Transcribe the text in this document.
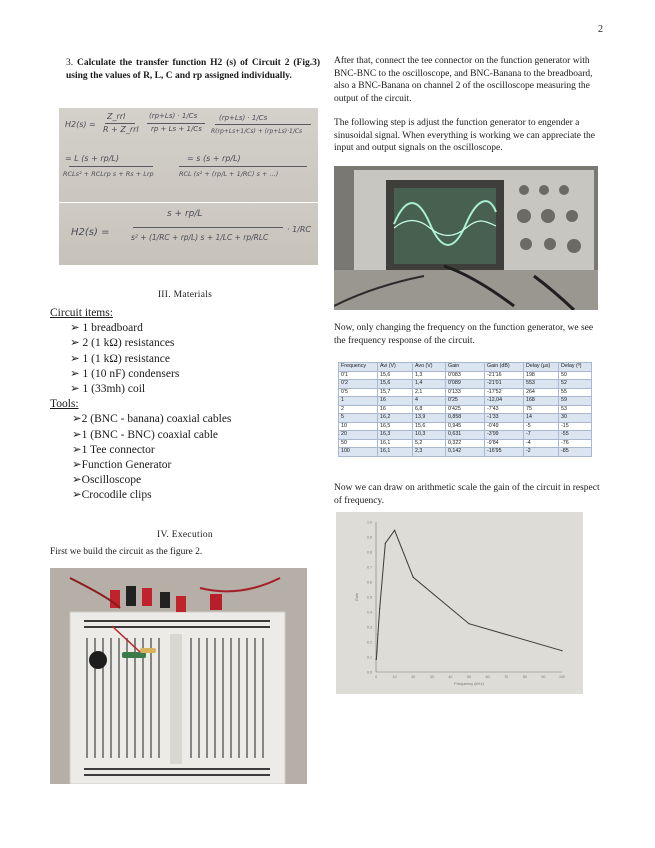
2
3. Calculate the transfer function H2 (s) of Circuit 2 (Fig.3) using the values of R, L, C and rp assigned individually.
H2(s) =
Z_rrl
R + Z_rrl
(rp+Ls) · 1/Cs
rp + Ls + 1/Cs
(rp+Ls) · 1/Cs
R(rp+Ls+1/Cs) + (rp+Ls)·1/Cs
= L (s + rp/L)
RCLs² + RCLrp s + Rs + Lrp
= s (s + rp/L)
RCL (s² + (rp/L + 1/RC) s + ...)
H2(s) =
s + rp/L
s² + (1/RC + rp/L) s + 1/LC + rp/RLC
· 1/RC
III. Materials
Circuit items:
➢ 1 breadboard
➢ 2 (1 kΩ) resistances
➢ 1 (1 kΩ) resistance
➢ 1 (10 nF) condensers
➢ 1 (33mh) coil
Tools:
➢2 (BNC - banana) coaxial cables
➢1 (BNC - BNC) coaxial cable
➢1 Tee connector
➢Function Generator
➢Oscilloscope
➢Crocodile clips
IV. Execution
First we build the circuit as the figure 2.
After that, connect the tee connector on the function generator with BNC-BNC to the oscilloscope, and BNC-Banana to the breadboard, also a BNC-Banana on channel 2 of the oscilloscope measuring the output of the circuit.
The following step is adjust the function generator to engender a sinusoidal signal. When everything is working we can appreciate the input and output signals on the oscilloscope.
Now, only changing the frequency on the function generator, we see the frequency response of the circuit.
Frequency	Avi (V)	Avo (V)	Gain	Gain (dB)	Delay (µs)	Delay (º)
0'1	15,6	1,3	0'083	-21'16	198	50
0'2	15,6	1,4	0'089	-21'01	553	52
0'5	15,7	2,1	0'133	-17'52	264	55
1	16	4	0'25	-12,04	168	59
2	16	6,8	0'425	-7'43	75	53
5	16,2	13,9	0,858	-1'33	14	30
10	16,5	15,6	0,945	-0'49	-5	-15
20	16,3	10,3	0,631	-3'99	-7	-55
50	16,1	5,2	0,322	-9'84	-4	-76
100	16,1	2,3	0,142	-16'95	-2	-85
Now we can draw on arithmetic scale the gain of the circuit in respect of frequency.
0.0
0.1
0.2
0.3
0.4
0.5
0.6
0.7
0.8
0.9
1.0
0	10	20	30	40	50	60	70	80	90	100
Frequency (kHz)
Gain
